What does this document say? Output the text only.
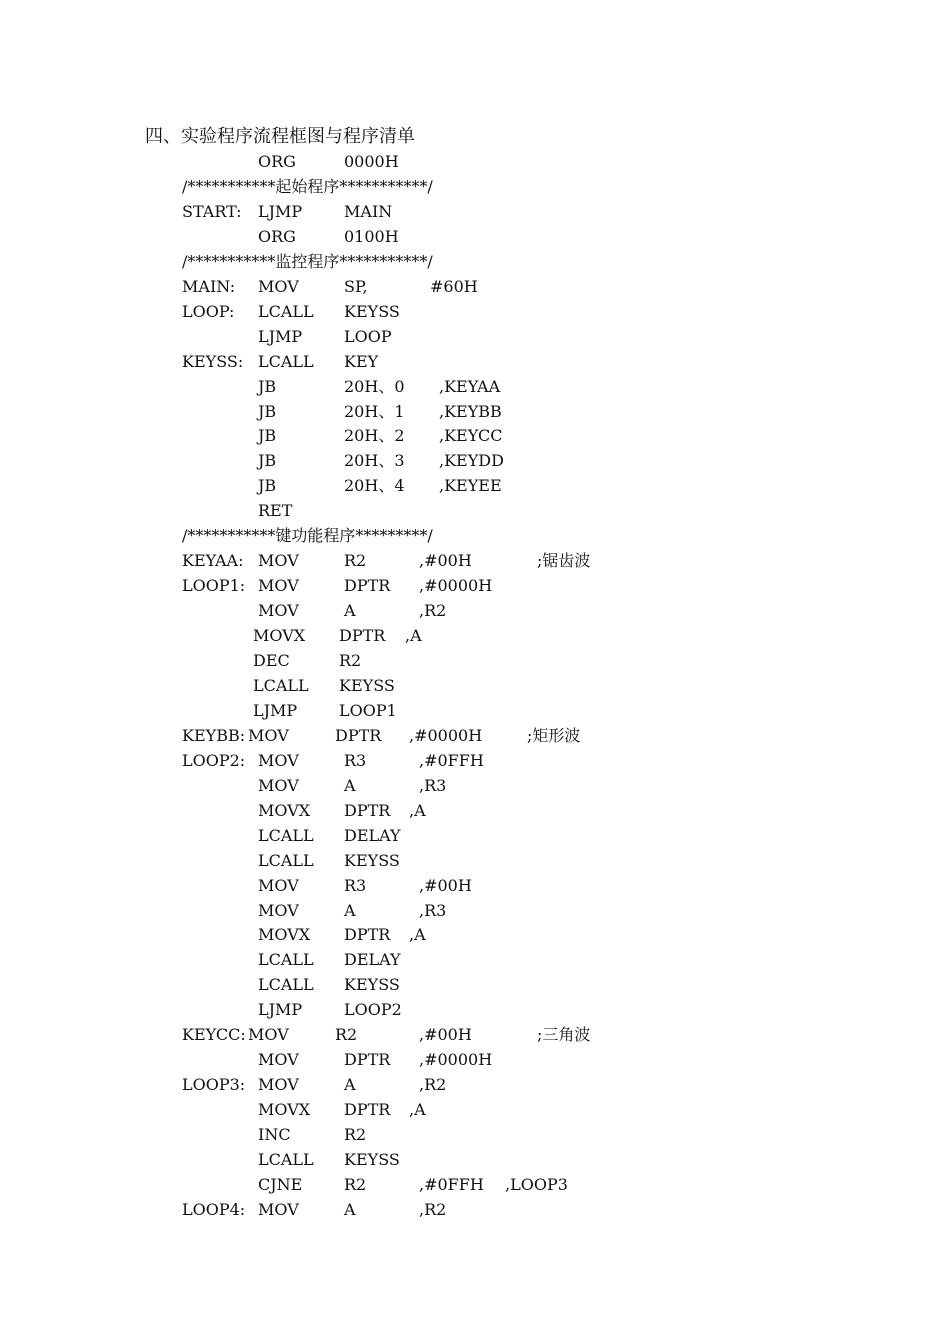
四、实验程序流程框图与程序清单
ORG	0000H
/***********起始程序***********/
START: LJMP	MAIN
ORG	0100H
/***********监控程序***********/
MAIN: MOV	SP,	#60H
LOOP: LCALL KEYSS
LJMP	LOOP
KEYSS: LCALL KEY
JB	20H、0 ,KEYAA
JB	20H、1 ,KEYBB
JB	20H、2 ,KEYCC
JB	20H、3 ,KEYDD
JB	20H、4 ,KEYEE
RET
/***********键功能程序*********/
KEYAA: MOV	R2	,#00H	;锯齿波
LOOP1: MOV	DPTR ,#0000H
MOV	A	,R2
MOVX DPTR ,A
DEC	R2
LCALL KEYSS
LJMP	LOOP1
KEYBB: MOV	DPTR ,#0000H	;矩形波
LOOP2: MOV	R3	,#0FFH
MOV	A	,R3
MOVX DPTR ,A
LCALL DELAY
LCALL KEYSS
MOV	R3	,#00H
MOV	A	,R3
MOVX DPTR ,A
LCALL DELAY
LCALL KEYSS
LJMP	LOOP2
KEYCC: MOV	R2	,#00H	;三角波
MOV	DPTR ,#0000H
LOOP3: MOV	A	,R2
MOVX DPTR ,A
INC	R2
LCALL KEYSS
CJNE	R2	,#0FFH ,LOOP3
LOOP4: MOV	A	,R2
